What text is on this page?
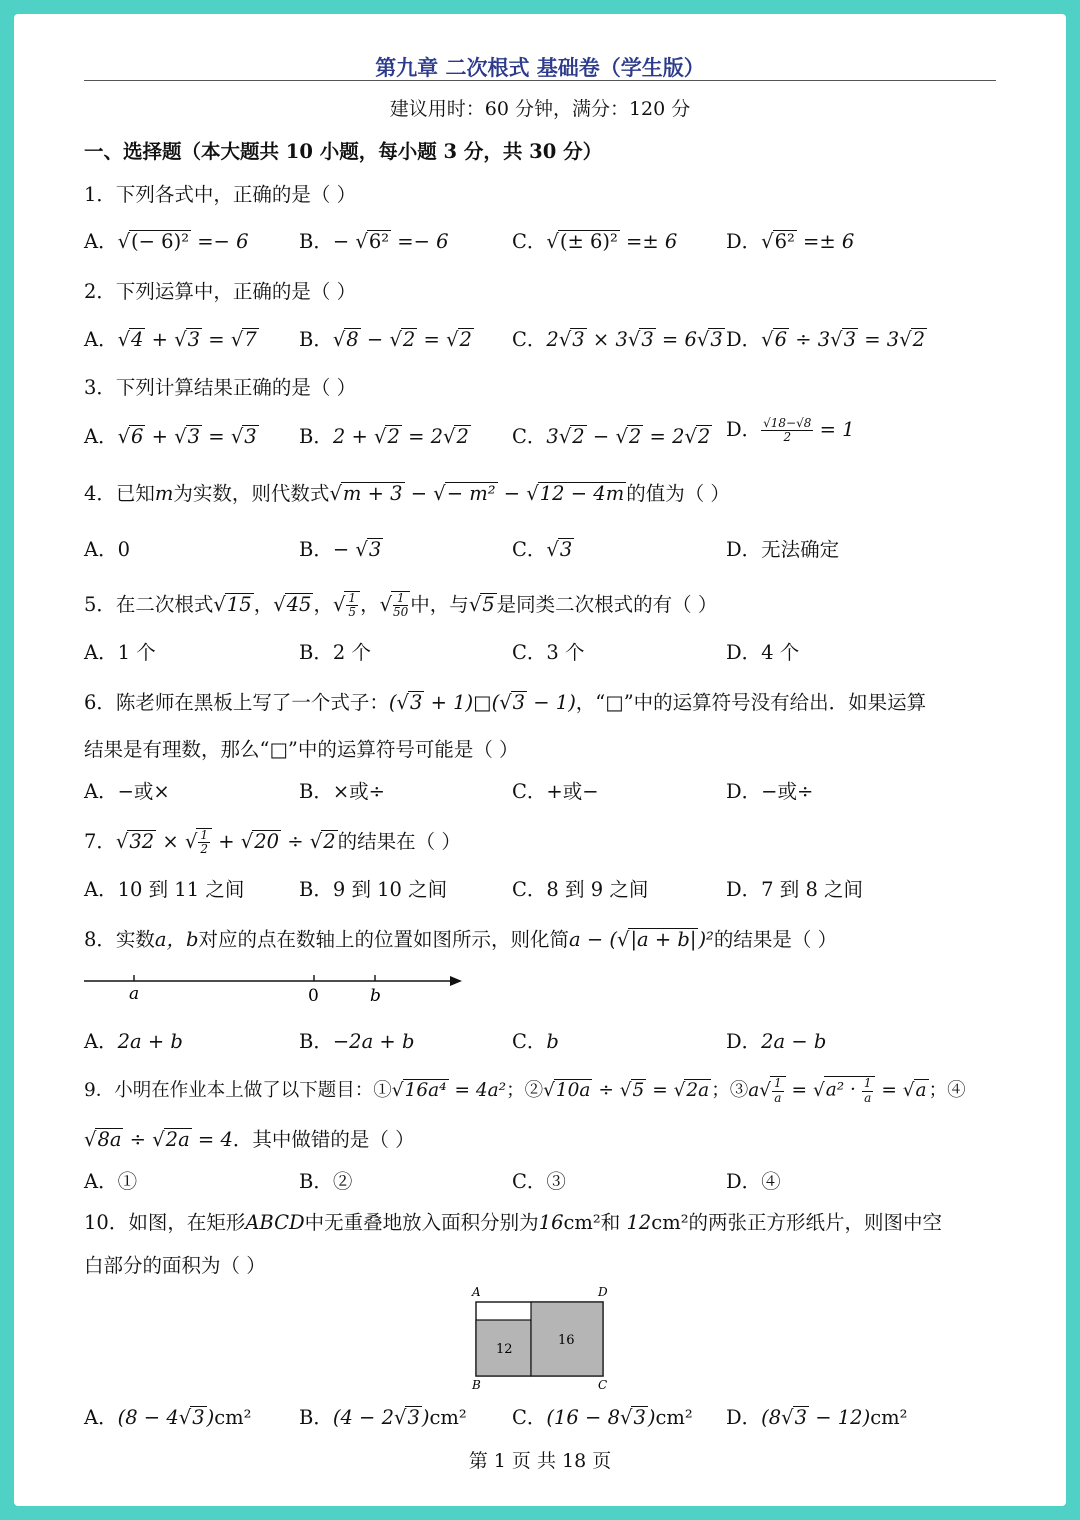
第九章 二次根式 基础卷（学生版）
建议用时：60 分钟，满分：120 分
一、选择题（本大题共 10 小题，每小题 3 分，共 30 分）
1．下列各式中，正确的是（ ）
A．√(− 6)² =− 6	B．− √6² =− 6	C．√(± 6)² =± 6 D．√6² =± 6
2．下列运算中，正确的是（ ）
A．√4 + √3 = √7 B．√8 − √2 = √2 C．2√3 × 3√3 = 6√3 D．√6 ÷ 3√3 = 3√2
3．下列计算结果正确的是（ ）
A．√6 + √3 = √3 B．2 + √2 = 2√2 C．3√2 − √2 = 2√2 D． $\frac{√18-√8}{2} = 1$
4．已知m为实数，则代数式√m + 3 − √− m² − √12 − 4m 的值为（ ）
A．0	B．− √3	C．√3	D．无法确定
5．在二次根式√15 ，√45 ，√ $\frac{1}{5}$ ，√ $\frac{1}{50}$ 中，与√5 是同类二次根式的有（ ）
A．1 个	B．2 个	C．3 个	D．4 个
6．陈老师在黑板上写了一个式子：(√3 + 1)□(√3 − 1)，“□”中的运算符号没有给出．如果运算
结果是有理数，那么“□”中的运算符号可能是（ ）
A．−或×	B．×或÷	C．+或−	D．−或÷
7．√32 × √ $\frac{1}{2} + √20 \div √2$ 的结果在（ ）
A．10 到 11 之间	B．9 到 10 之间	C．8 到 9 之间	D．7 到 8 之间
8．实数a，b对应的点在数轴上的位置如图所示，则化简a − (√|a + b| )²的结果是（ ）
a	0	b
A．2a + b	B．−2a + b	C．b	D．2a − b
9．小明在作业本上做了以下题目：①√16a⁴ = 4a²；②√10a ÷ √5 = √2a ；③a√ $\frac{1}{a} = √a^2 \cdot \frac{1}{a} = √a$ ；④
√8a ÷ √2a = 4．其中做错的是（ ）
A．①	B．②	C．③	D．④
10．如图，在矩形ABCD中无重叠地放入面积分别为16cm²和 12cm²的两张正方形纸片，则图中空
白部分的面积为（ ）
A	D
B	C
12
16
A．(8 − 4√3 )cm² B．(4 − 2√3 )cm² C．(16 − 8√3 )cm² D．(8√3 − 12)cm²
第 1 页 共 18 页
